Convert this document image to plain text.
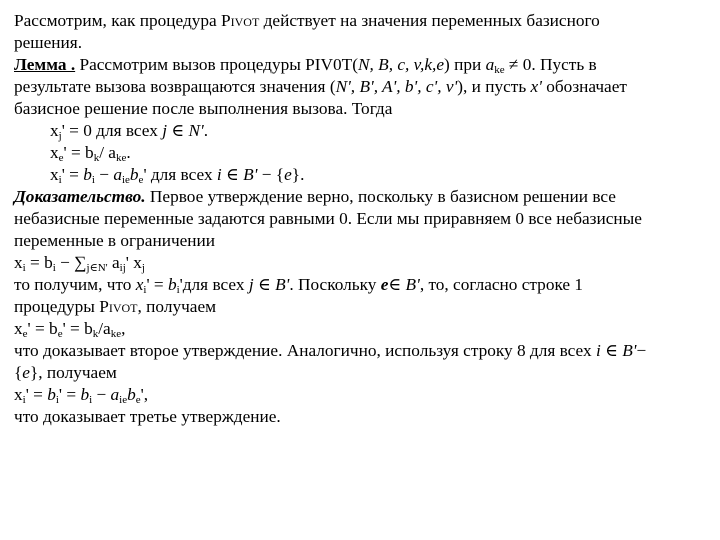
Рассмотрим, как процедура Pivot действует на значения переменных базисного
решения.
Лемма . Рассмотрим вызов процедуры PIV0T(N, B, c, v,k,e) при $a_{ke} \ne 0$. Пусть в
результате вызова возвращаются значения (N', B', A', b', c', v'), и пусть x' обозначает
базисное решение после выполнения вызова. Тогда
$x_j' = 0$ для всех j ∈ N'.
$x_e' = b_k/$ $a_{ke}$.
$x_i' = b_i - a_{ie}b_e'$ для всех i ∈ B' − {e}.
Доказательство. Первое утверждение верно, поскольку в базисном решении все
небазисные переменные задаются равными 0. Если мы приравняем 0 все небазисные
переменные в ограничении
$x_i = b_i - \sum_{j\in N'}$ $a_{ij}'$ $x_j$
то получим, что $x_i' = b_i'для$ всех j ∈ B'. Поскольку e∈ B', то, согласно строке 1
процедуры Pivot, получаем
$x_e' = b_e' = b_k/a_{ke}$,
что доказывает второе утверждение. Аналогично, используя строку 8 для всех i ∈ B'−
{e}, получаем
$x_i' = b_i' = b_i - a_{ie}b_e'$,
что доказывает третье утверждение.
